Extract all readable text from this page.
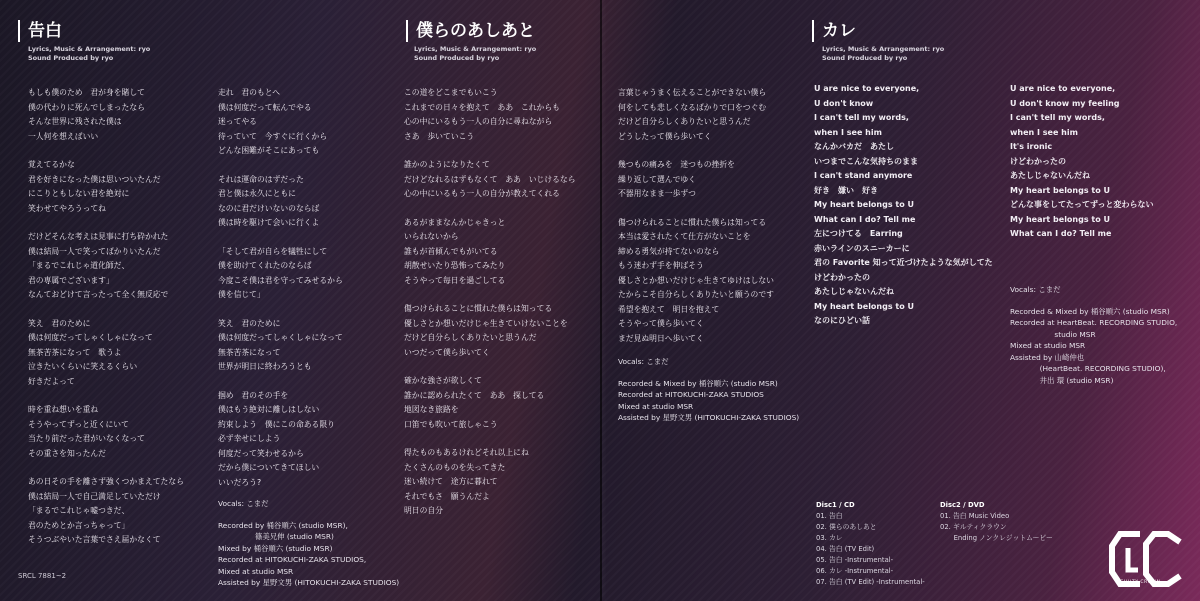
告白
Lyrics, Music & Arrangement: ryo
Sound Produced by ryo
もしも僕のため　君が身を賭して
僕の代わりに死んでしまったなら
そんな世界に残された僕は
一人何を想えばいい
覚えてるかな
君を好きになった僕は思いついたんだ
にこりともしない君を絶対に
笑わせてやろうってね
だけどそんな考えは見事に打ち砕かれた
僕は結局一人で笑ってばかりいたんだ
「まるでこれじゃ道化師だ、
君の専属でございます」
なんておどけて言ったって全く無反応で
笑え　君のために
僕は何度だってしゃくしゃになって
無茶苦茶になって　歌うよ
泣きたいくらいに笑えるくらい
好きだよって
時を重ね想いを重ね
そうやってずっと近くにいて
当たり前だった君がいなくなって
その重さを知ったんだ
あの日その手を離さず強くつかまえてたなら
僕は結局一人で自己満足していただけ
「まるでこれじゃ嘘つきだ、
君のためとか言っちゃって」
そうつぶやいた言葉でさえ届かなくて
走れ　君のもとへ
僕は何度だって転んでやる
迷ってやる
待っていて　今すぐに行くから
どんな困難がそこにあっても
それは運命のはずだった
君と僕は永久にともに
なのに君だけいないのならば
僕は時を駆けて会いに行くよ
「そして君が自らを犠牲にして
僕を助けてくれたのならば
今度こそ僕は君を守ってみせるから
僕を信じて」
笑え　君のために
僕は何度だってしゃくしゃになって
無茶苦茶になって
世界が明日に終わろうとも
掴め　君のその手を
僕はもう絶対に離しはしない
約束しよう　僕にこの命ある限り
必ず幸せにしよう
何度だって笑わせるから
だから僕についてきてほしい
いいだろう?
Vocals: こまだ
Recorded by 桶谷順六 (studio MSR),
　　　　　篠美兄伸 (studio MSR)
Mixed by 桶谷順六 (studio MSR)
Recorded at HITOKUCHI-ZAKA STUDIOS,
Mixed at studio MSR
Assisted by 星野文男 (HITOKUCHI-ZAKA STUDIOS)
僕らのあしあと
Lyrics, Music & Arrangement: ryo
Sound Produced by ryo
この道をどこまでもいこう
これまでの日々を抱えて　ああ　これからも
心の中にいるもう一人の自分に尋ねながら
さあ　歩いていこう
誰かのようになりたくて
だけどなれるはずもなくて　ああ　いじけるなら
心の中にいるもう一人の自分が教えてくれる
あるがままなんかじゃきっと
いられないから
誰もが首傾んでもがいてる
胡散せいたり恐怖ってみたり
そうやって毎日を過ごしてる
傷つけられることに慣れた僕らは知ってる
優しさとか想いだけじゃ生きていけないことを
だけど自分らしくありたいと思うんだ
いつだって僕ら歩いてく
確かな強さが欲しくて
誰かに認められたくて　ああ　探してる
地図なき旅路を
口笛でも吹いて旅しゃこう
得たものもあるけれどそれ以上にね
たくさんのものを失ってきた
迷い続けて　途方に暮れて
それでもさ　願うんだよ
明日の自分
言葉じゃうまく伝えることができない僕ら
何をしても悲しくなるばかりで口をつぐむ
だけど自分らしくありたいと思うんだ
どうしたって僕ら歩いてく
幾つもの痛みを　迷つもの挫折を
繰り返して選んでゆく
不器用なまま一歩ずつ
傷つけられることに慣れた僕らは知ってる
本当は愛されたくて仕方がないことを
締める勇気が持てないのなら
もう迷わず手を伸ばそう
優しさとか想いだけじゃ生きてゆけはしない
たからこそ自分らしくありたいと願うのです
希望を抱えて　明日を抱えて
そうやって僕ら歩いてく
まだ見ぬ明日へ歩いてく
Vocals: こまだ
Recorded & Mixed by 桶谷順六 (studio MSR)
Recorded at HITOKUCHI-ZAKA STUDIOS
Mixed at studio MSR
Assisted by 星野文男 (HITOKUCHI-ZAKA STUDIOS)
カレ
Lyrics, Music & Arrangement: ryo
Sound Produced by ryo
U are nice to everyone,
U don't know
I can't tell my words,
when I see him
なんかバカだ　あたし
いつまでこんな気持ちのまま
I can't stand anymore
好き　嫌い　好き
My heart belongs to U
What can I do? Tell me
左につけてる　Earring
赤いラインのスニーカーに
君の Favorite 知って近づけたような気がしてた
けどわかったの
あたしじゃないんだね
My heart belongs to U
なのにひどい話
U are nice to everyone,
U don't know my feeling
I can't tell my words,
when I see him
It's ironic
けどわかったの
あたしじゃないんだね
My heart belongs to U
どんな事をしてたってずっと変わらない
My heart belongs to U
What can I do? Tell me
Vocals: こまだ
Recorded & Mixed by 桶谷順六 (studio MSR)
Recorded at HeartBeat. RECORDING STUDIO,
　　　　　　studio MSR
Mixed at studio MSR
Assisted by 山崎仲也
　　　　(HeartBeat. RECORDING STUDIO),
　　　　井出 環 (studio MSR)
Disc1 / CD
01. 告白
02. 僕らのあしあと
03. カレ
04. 告白 (TV Edit)
05. 告白 -Instrumental-
06. カレ -Instrumental-
07. 告白 (TV Edit) -Instrumental-
Disc2 / DVD
01. 告白 Music Video
02. ギルティクラウン
　　Ending ノンクレジットムービー
SRCL 7881~2
GUILTY CROWN
